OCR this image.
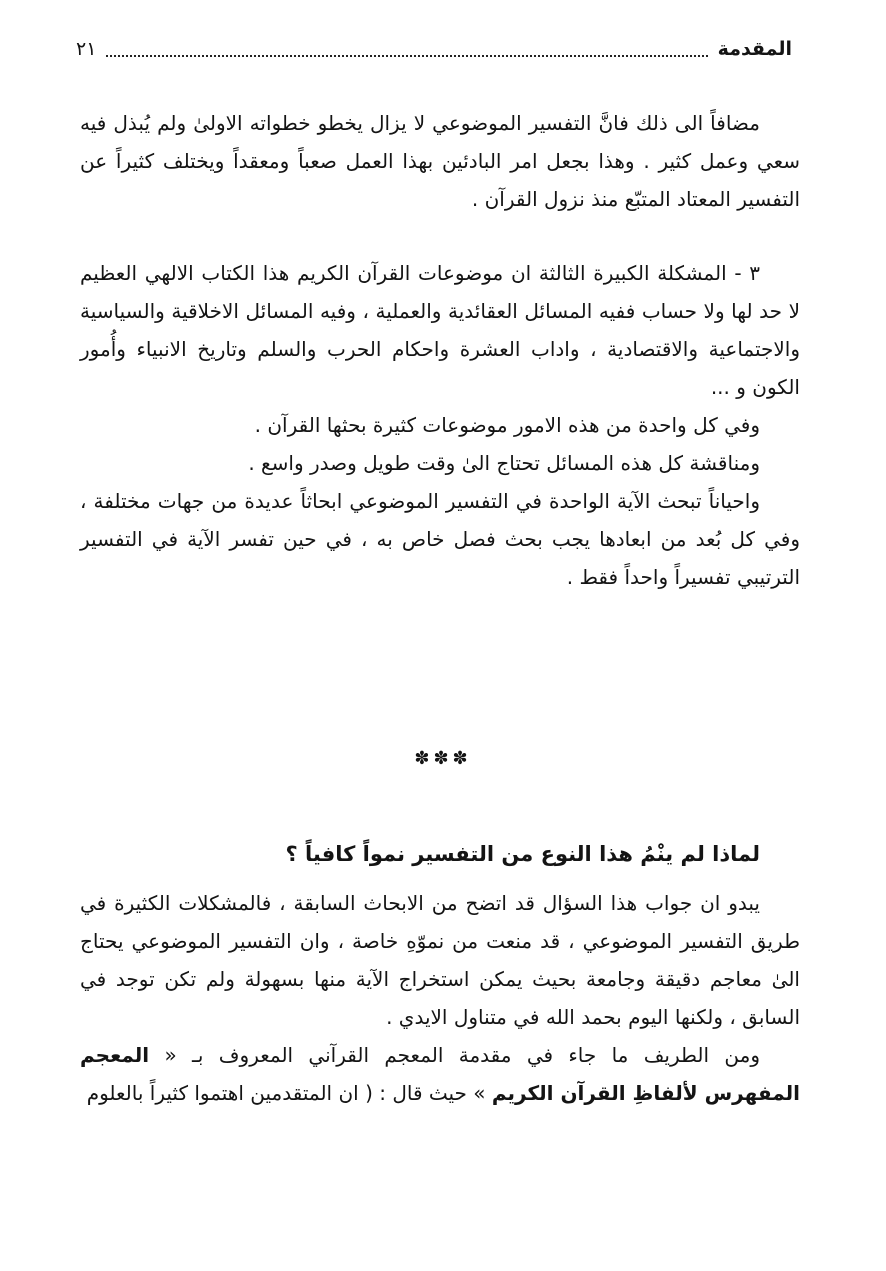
المقدمة
٢١

مضافاً الى ذلك فانَّ التفسير الموضوعي لا يزال يخطو خطواته الاولىٰ ولم يُبذل فيه سعي وعمل كثير . وهذا بجعل امر البادئين بهذا العمل صعباً ومعقداً ويختلف كثيراً عن التفسير المعتاد المتبّع منذ نزول القرآن .

٣ - المشكلة الكبيرة الثالثة ان موضوعات القرآن الكريم هذا الكتاب الالهي العظيم لا حد لها ولا حساب ففيه المسائل العقائدية والعملية ، وفيه المسائل الاخلاقية والسياسية والاجتماعية والاقتصادية ، واداب العشرة واحكام الحرب والسلم وتاريخ الانبياء وأُمور الكون و ...

وفي كل واحدة من هذه الامور موضوعات كثيرة بحثها القرآن .

ومناقشة كل هذه المسائل تحتاج الىٰ وقت طويل وصدر واسع .

واحياناً تبحث الآية الواحدة في التفسير الموضوعي ابحاثاً عديدة من جهات مختلفة ، وفي كل بُعد من ابعادها يجب بحث فصل خاص به ، في حين تفسر الآية في التفسير الترتيبي تفسيراً واحداً فقط .

✽✽✽
لماذا لم ينْمُ هذا النوع من التفسير نمواً كافياً ؟

يبدو ان جواب هذا السؤال قد اتضح من الابحاث السابقة ، فالمشكلات الكثيرة في طريق التفسير الموضوعي ، قد منعت من نموّهِ خاصة ، وان التفسير الموضوعي يحتاج الىٰ معاجم دقيقة وجامعة بحيث يمكن استخراج الآية منها بسهولة ولم تكن توجد في السابق ، ولكنها اليوم بحمد الله في متناول الايدي .

ومن الطريف ما جاء في مقدمة المعجم القرآني المعروف بـ « المعجم المفهرس لألفاظِ القرآن الكريم » حيث قال : ( ان المتقدمين اهتموا كثيراً بالعلوم
